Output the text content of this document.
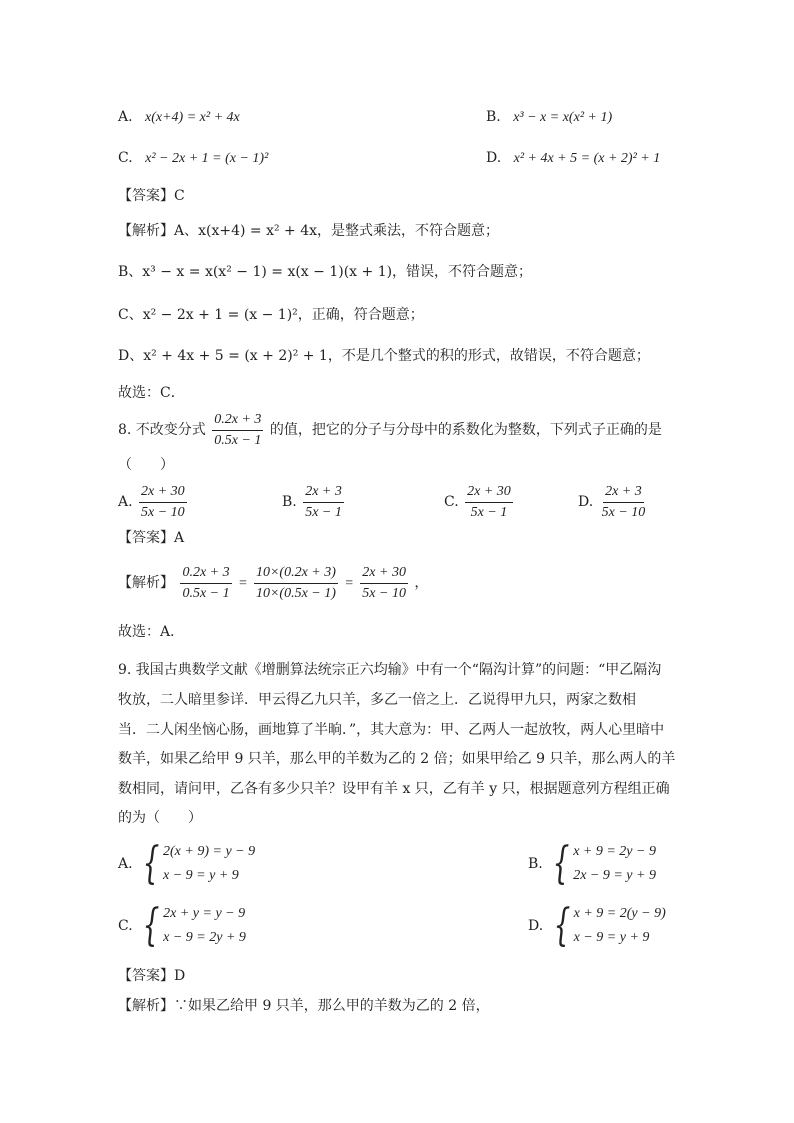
A. x(x+4) = x² + 4x	B. x³ − x = x(x² + 1)
C. x² − 2x + 1 = (x − 1)²	D. x² + 4x + 5 = (x + 2)² + 1
【答案】C
【解析】A、x(x+4) = x² + 4x，是整式乘法，不符合题意；
B、x³ − x = x(x² − 1) = x(x − 1)(x + 1)，错误，不符合题意；
C、x² − 2x + 1 = (x − 1)²，正确，符合题意；
D、x² + 4x + 5 = (x + 2)² + 1，不是几个整式的积的形式，故错误，不符合题意；
故选：C．
8. 不改变分式 $\frac{0.2x + 3}{0.5x - 1}$ 的值，把它的分子与分母中的系数化为整数，下列式子正确的是
（　　）
A. $\frac{2x + 30}{5x - 10}$	B. $\frac{2x + 3}{5x - 1}$	C. $\frac{2x + 30}{5x - 1}$	D. $\frac{2x + 3}{5x - 10}$
【答案】A
【解析】 $\frac{0.2x + 3}{0.5x - 1} = \frac{10\times(0.2x + 3)}{10\times(0.5x - 1)} = \frac{2x + 30}{5x - 10}$ ，
故选：A．
9. 我国古典数学文献《增删算法统宗正六均输》中有一个“隔沟计算”的问题：“甲乙隔沟
牧放，二人暗里参详．甲云得乙九只羊，多乙一倍之上．乙说得甲九只，两家之数相
当．二人闲坐恼心肠，画地算了半晌．”，其大意为：甲、乙两人一起放牧，两人心里暗中
数羊，如果乙给甲 9 只羊，那么甲的羊数为乙的 2 倍；如果甲给乙 9 只羊，那么两人的羊
数相同，请问甲，乙各有多少只羊？设甲有羊 x 只，乙有羊 y 只，根据题意列方程组正确
的为（　　）
A. { 2(x + 9) = y − 9
x − 9 = y + 9
B. { x + 9 = 2y − 9
2x − 9 = y + 9
C. { 2x + y = y − 9
x − 9 = 2y + 9
D. { x + 9 = 2(y − 9)
x − 9 = y + 9
【答案】D
【解析】∵如果乙给甲 9 只羊，那么甲的羊数为乙的 2 倍，
